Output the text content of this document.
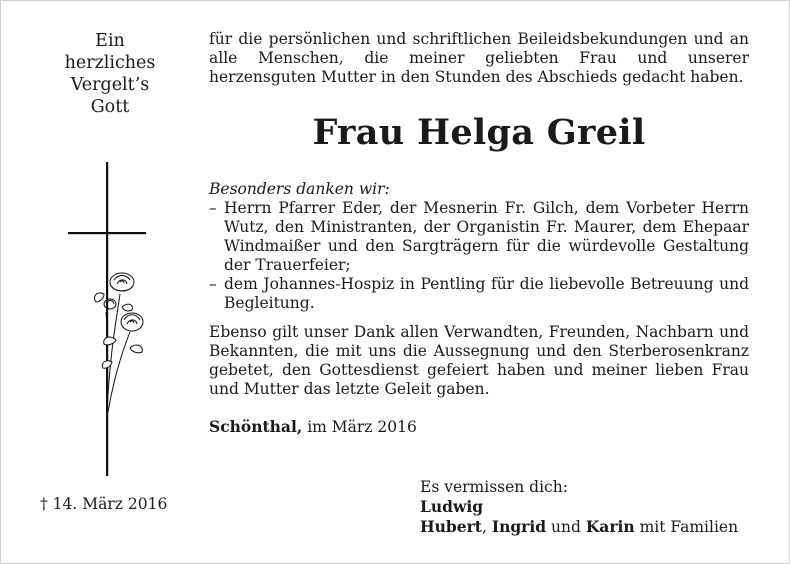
Ein
herzliches
Vergelt’s
Gott
† 14. März 2016

für die persönlichen und schriftlichen Beileidsbekundungen und an alle Menschen, die meiner geliebten Frau und unserer herzensguten Mutter in den Stunden des Abschieds gedacht haben.

Frau Helga Greil

Besonders danken wir:

– Herrn Pfarrer Eder, der Mesnerin Fr. Gilch, dem Vorbeter Herrn Wutz, den Ministranten, der Organistin Fr. Maurer, dem Ehepaar Windmaißer und den Sargträgern für die würdevolle Gestaltung der Trauerfeier;
– dem Johannes-Hospiz in Pentling für die liebevolle Betreuung und Begleitung.

Ebenso gilt unser Dank allen Verwandten, Freunden, Nachbarn und Bekannten, die mit uns die Aussegnung und den Sterberosenkranz gebetet, den Gottesdienst gefeiert haben und meiner lieben Frau und Mutter das letzte Geleit gaben.

Schönthal, im März 2016

Es vermissen dich:
Ludwig
Hubert, Ingrid und Karin mit Familien
